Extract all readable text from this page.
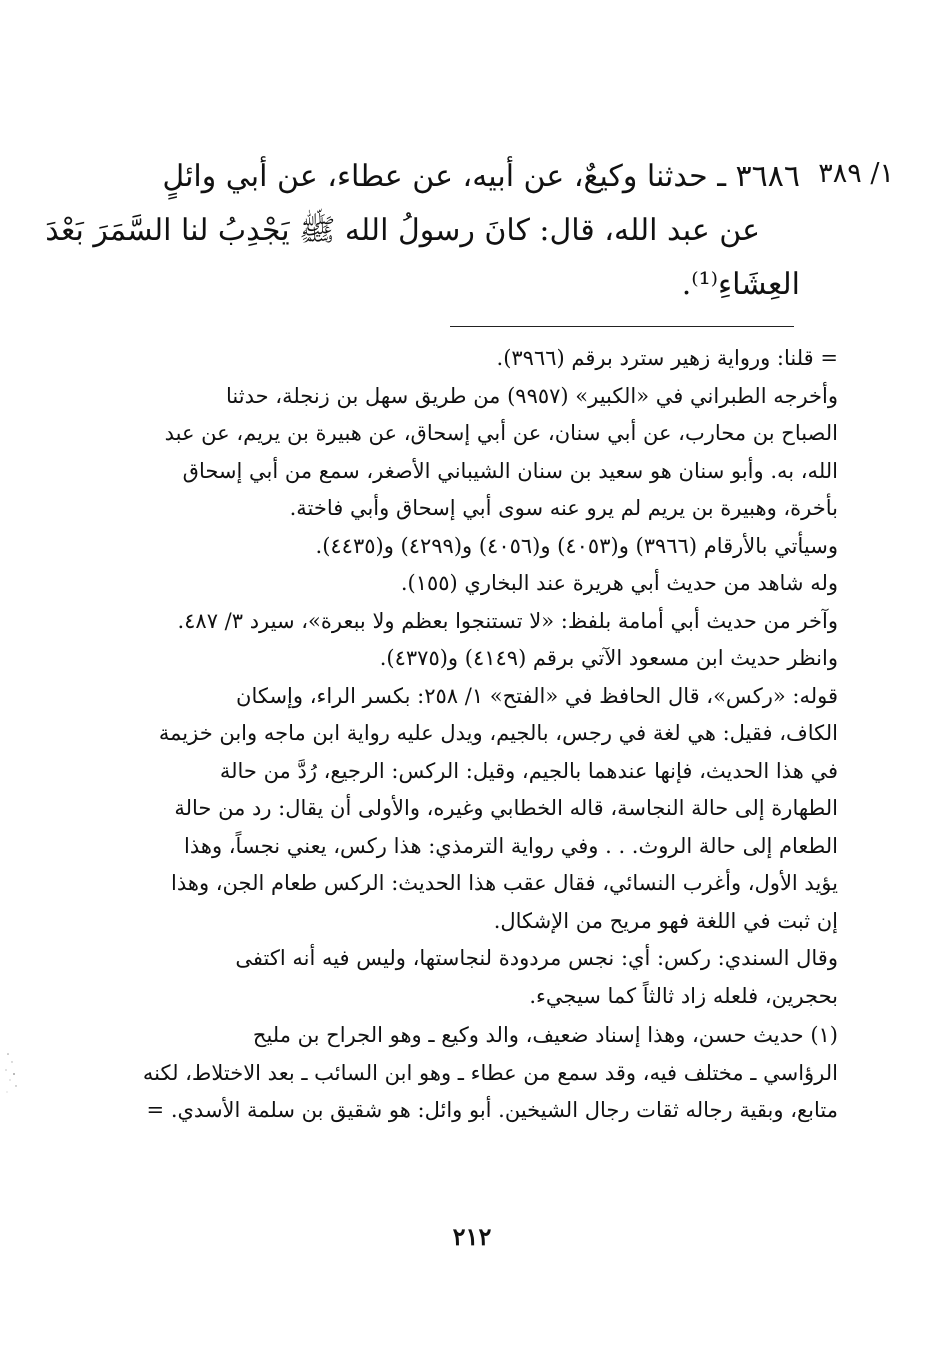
١/ ٣٨٩

٣٦٨٦ ـ حدثنا وكيعٌ، عن أبيه، عن عطاء، عن أبي وائلٍ

عن عبد الله، قال: كانَ رسولُ الله ﷺ يَجْدِبُ لنا السَّمَرَ بَعْدَ

العِشَاءِ⁽¹⁾.

= قلنا: ورواية زهير سترد برقم (٣٩٦٦).

وأخرجه الطبراني في «الكبير» (٩٩٥٧) من طريق سهل بن زنجلة، حدثنا

الصباح بن محارب، عن أبي سنان، عن أبي إسحاق، عن هبيرة بن يريم، عن عبد

الله، به. وأبو سنان هو سعيد بن سنان الشيباني الأصغر، سمع من أبي إسحاق

بأخرة، وهبيرة بن يريم لم يرو عنه سوى أبي إسحاق وأبي فاختة.

وسيأتي بالأرقام (٣٩٦٦) و(٤٠٥٣) و(٤٠٥٦) و(٤٢٩٩) و(٤٤٣٥).

وله شاهد من حديث أبي هريرة عند البخاري (١٥٥).

وآخر من حديث أبي أمامة بلفظ: «لا تستنجوا بعظم ولا ببعرة»، سيرد ٣/ ٤٨٧.

وانظر حديث ابن مسعود الآتي برقم (٤١٤٩) و(٤٣٧٥).

قوله: «ركس»، قال الحافظ في «الفتح» ١/ ٢٥٨: بكسر الراء، وإسكان

الكاف، فقيل: هي لغة في رجس، بالجيم، ويدل عليه رواية ابن ماجه وابن خزيمة

في هذا الحديث، فإنها عندهما بالجيم، وقيل: الركس: الرجيع، رُدَّ من حالة

الطهارة إلى حالة النجاسة، قاله الخطابي وغيره، والأولى أن يقال: رد من حالة

الطعام إلى حالة الروث. . . وفي رواية الترمذي: هذا ركس، يعني نجساً، وهذا

يؤيد الأول، وأغرب النسائي، فقال عقب هذا الحديث: الركس طعام الجن، وهذا

إن ثبت في اللغة فهو مريح من الإشكال.

وقال السندي: ركس: أي: نجس مردودة لنجاستها، وليس فيه أنه اكتفى

بحجرين، فلعله زاد ثالثاً كما سيجيء.

(١) حديث حسن، وهذا إسناد ضعيف، والد وكيع ـ وهو الجراح بن مليح

الرؤاسي ـ مختلف فيه، وقد سمع من عطاء ـ وهو ابن السائب ـ بعد الاختلاط، لكنه

متابع، وبقية رجاله ثقات رجال الشيخين. أبو وائل: هو شقيق بن سلمة الأسدي. =

٢١٢
